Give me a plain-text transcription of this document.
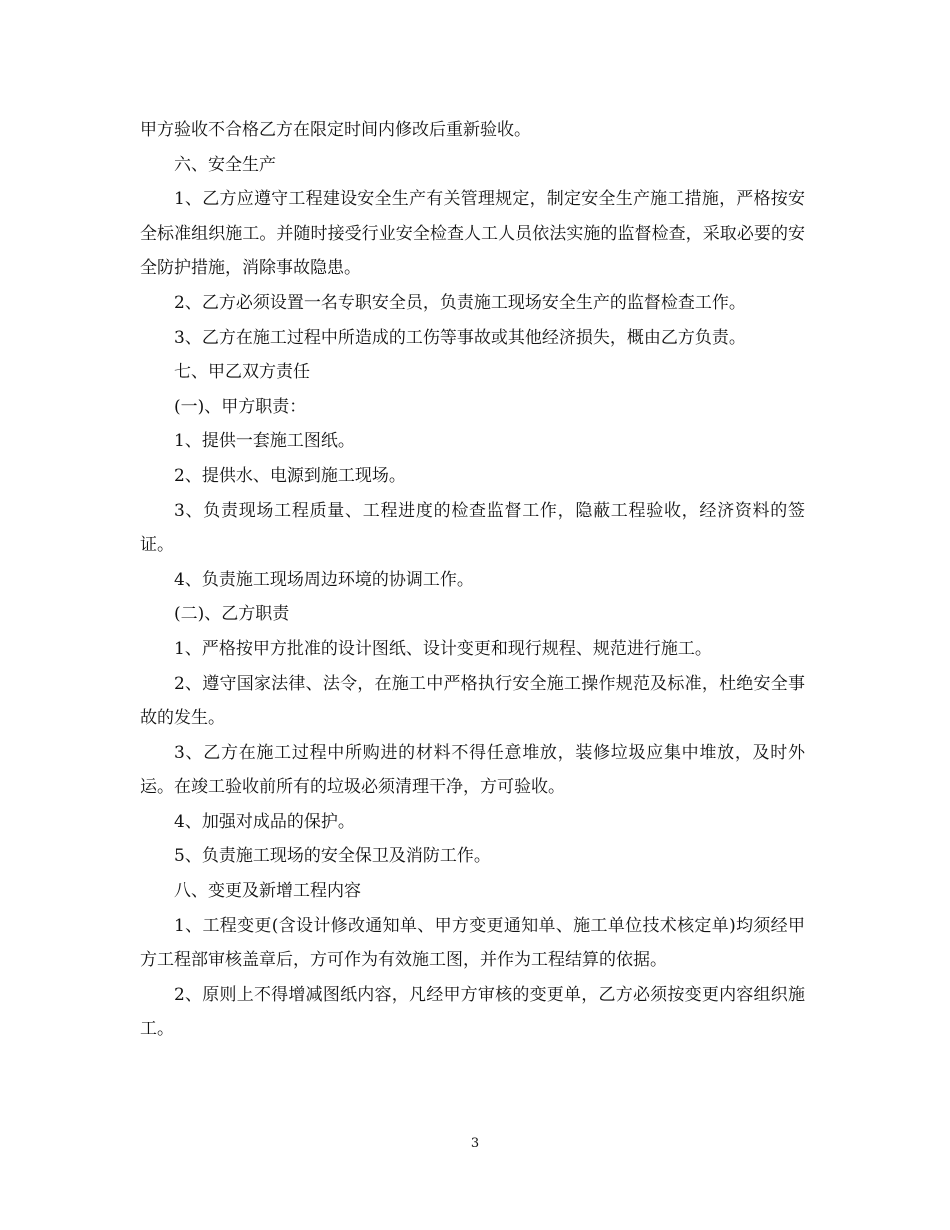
甲方验收不合格乙方在限定时间内修改后重新验收。

六、安全生产

1、乙方应遵守工程建设安全生产有关管理规定，制定安全生产施工措施，严格按安全标准组织施工。并随时接受行业安全检查人工人员依法实施的监督检查，采取必要的安全防护措施，消除事故隐患。

2、乙方必须设置一名专职安全员，负责施工现场安全生产的监督检查工作。

3、乙方在施工过程中所造成的工伤等事故或其他经济损失，概由乙方负责。

七、甲乙双方责任

(一)、甲方职责：

1、提供一套施工图纸。

2、提供水、电源到施工现场。

3、负责现场工程质量、工程进度的检查监督工作，隐蔽工程验收，经济资料的签证。

4、负责施工现场周边环境的协调工作。

(二)、乙方职责

1、严格按甲方批准的设计图纸、设计变更和现行规程、规范进行施工。

2、遵守国家法律、法令，在施工中严格执行安全施工操作规范及标准，杜绝安全事故的发生。

3、乙方在施工过程中所购进的材料不得任意堆放，装修垃圾应集中堆放，及时外运。在竣工验收前所有的垃圾必须清理干净，方可验收。

4、加强对成品的保护。

5、负责施工现场的安全保卫及消防工作。

八、变更及新增工程内容

1、工程变更(含设计修改通知单、甲方变更通知单、施工单位技术核定单)均须经甲方工程部审核盖章后，方可作为有效施工图，并作为工程结算的依据。

2、原则上不得增减图纸内容，凡经甲方审核的变更单，乙方必须按变更内容组织施工。

3
